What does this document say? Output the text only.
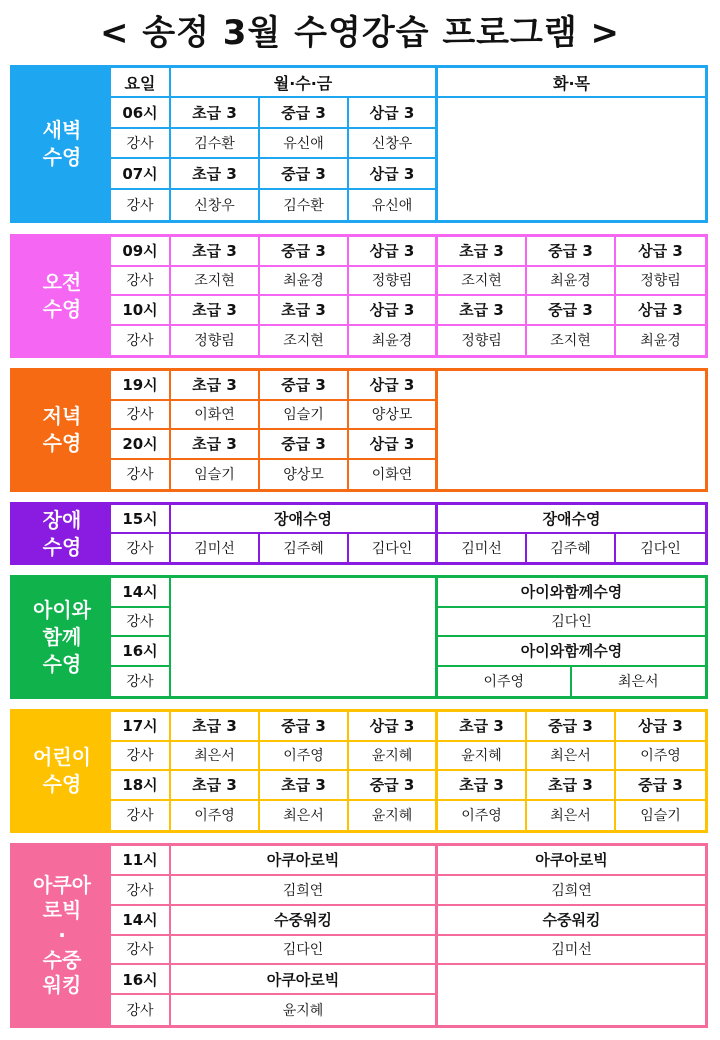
< 송정 3월 수영강습 프로그램 >
새벽
수영
요일	월·수·금	화·목
06시	초급 3	중급 3	상급 3
강사	김수환	유신애	신창우
07시	초급 3	중급 3	상급 3
강사	신창우	김수환	유신애
오전
수영
09시	초급 3	중급 3	상급 3	초급 3	중급 3	상급 3
강사	조지현	최윤경	정향림	조지현	최윤경	정향림
10시	초급 3	초급 3	상급 3	초급 3	중급 3	상급 3
강사	정향림	조지현	최윤경	정향림	조지현	최윤경
저녁
수영
19시	초급 3	중급 3	상급 3
강사	이화연	임슬기	양상모
20시	초급 3	중급 3	상급 3
강사	임슬기	양상모	이화연
장애
수영
15시	장애수영	장애수영
강사	김미선	김주혜	김다인	김미선	김주혜	김다인
아이와
함께
수영
14시	아이와함께수영
강사	김다인
16시	아이와함께수영
강사	이주영	최은서
어린이
수영
17시	초급 3	중급 3	상급 3	초급 3	중급 3	상급 3
강사	최은서	이주영	윤지혜	윤지혜	최은서	이주영
18시	초급 3	초급 3	중급 3	초급 3	초급 3	중급 3
강사	이주영	최은서	윤지혜	이주영	최은서	임슬기
아쿠아
로빅
·
수중
워킹
11시	아쿠아로빅	아쿠아로빅
강사	김희연	김희연
14시	수중워킹	수중워킹
강사	김다인	김미선
16시	아쿠아로빅
강사	윤지혜
